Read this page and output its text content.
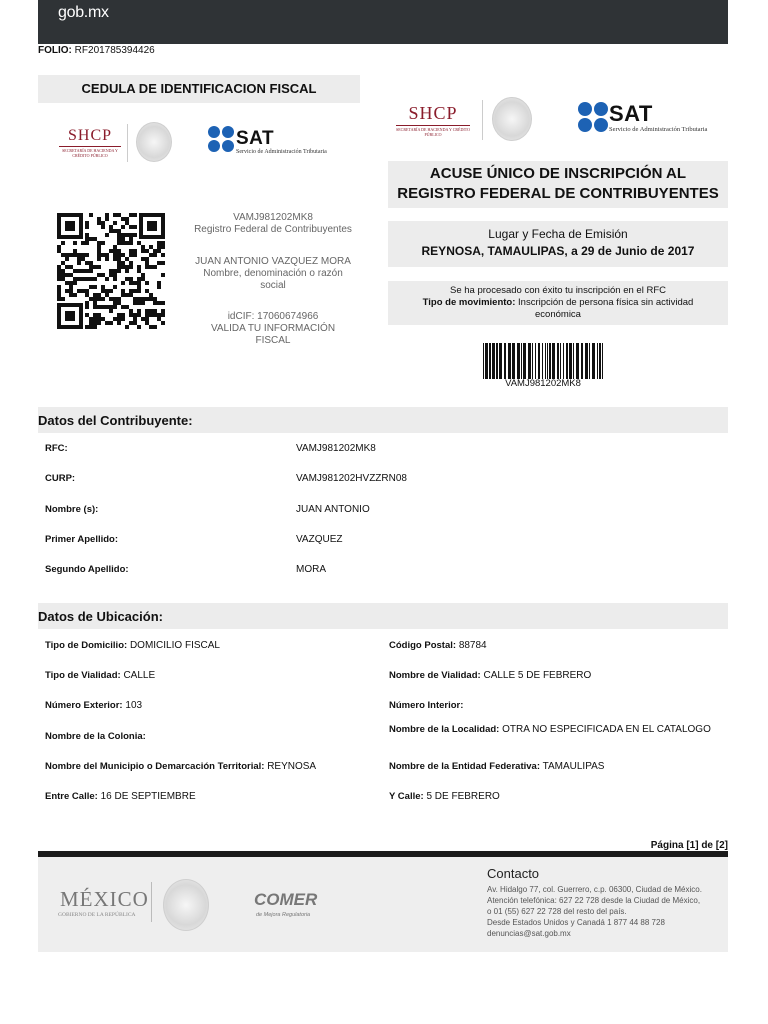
gob.mx
FOLIO: RF201785394426
CEDULA DE IDENTIFICACION FISCAL
SHCP
SECRETARÍA DE HACIENDA Y CRÉDITO PÚBLICO
SAT
Servicio de Administración Tributaria
SHCP
SECRETARÍA DE HACIENDA Y CRÉDITO PÚBLICO
SAT
Servicio de Administración Tributaria
VAMJ981202MK8
Registro Federal de Contribuyentes
JUAN ANTONIO VAZQUEZ MORA
Nombre, denominación o razón social
idCIF: 17060674966
VALIDA TU INFORMACIÓN FISCAL
ACUSE ÚNICO DE INSCRIPCIÓN AL
REGISTRO FEDERAL DE CONTRIBUYENTES
Lugar y Fecha de Emisión
REYNOSA, TAMAULIPAS, a 29 de Junio de 2017
Se ha procesado con éxito tu inscripción en el RFC
Tipo de movimiento: Inscripción de persona física sin actividad económica
VAMJ981202MK8
Datos del Contribuyente:
RFC:	VAMJ981202MK8
CURP:	VAMJ981202HVZZRN08
Nombre (s):	JUAN ANTONIO
Primer Apellido:	VAZQUEZ
Segundo Apellido:	MORA
Datos de Ubicación:
Tipo de Domicilio: DOMICILIO FISCAL
Tipo de Vialidad: CALLE
Número Exterior: 103
Nombre de la Colonia:
Nombre del Municipio o Demarcación Territorial: REYNOSA
Entre Calle: 16 DE SEPTIEMBRE
Código Postal: 88784
Nombre de Vialidad: CALLE 5 DE FEBRERO
Número Interior:
Nombre de la Localidad: OTRA NO ESPECIFICADA EN EL CATALOGO
Nombre de la Entidad Federativa: TAMAULIPAS
Y Calle: 5 DE FEBRERO
Página [1] de [2]
MÉXICO
GOBIERNO DE LA REPÚBLICA
COMER
de Mejora Regulatoria
Contacto
Av. Hidalgo 77, col. Guerrero, c.p. 06300, Ciudad de México.
Atención telefónica: 627 22 728 desde la Ciudad de México,
o 01 (55) 627 22 728 del resto del país.
Desde Estados Unidos y Canadá 1 877 44 88 728
denuncias@sat.gob.mx
